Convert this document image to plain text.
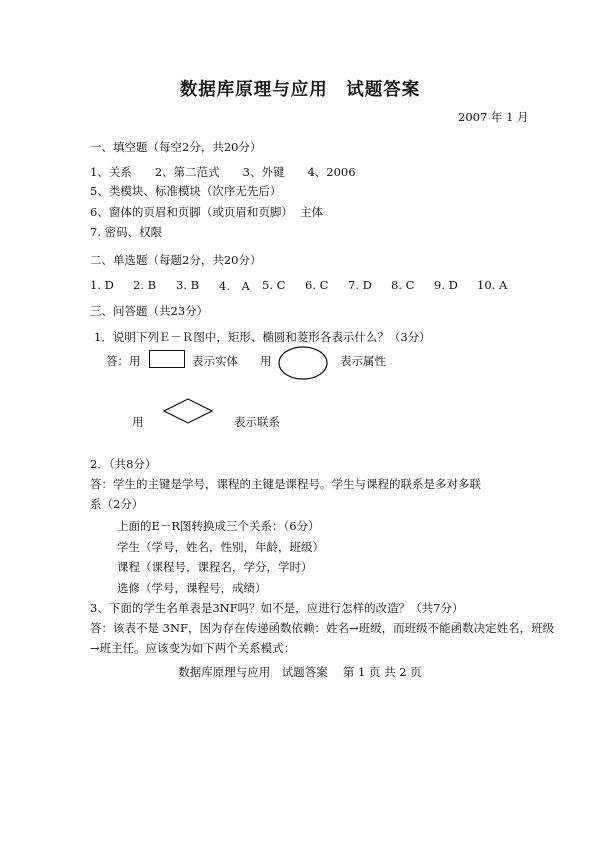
数据库原理与应用　试题答案
2007 年 1 月
一、填空题（每空2分，共20分）
1、关系　　2、第二范式　　3、外键　　4、2006
5、类模块、标准模块（次序无先后）
6、窗体的页眉和页脚（或页眉和页脚） 主体
7. 密码、权限
二、单选题（每题2分，共20分）
1. D	2. B	3. B	4.　A	5. C	6. C	7. D	8. C	9. D	10. A
三、问答题（共23分）
1．说明下列Ｅ－Ｒ图中，矩形、椭圆和菱形各表示什么？（3分）
答：用	表示实体 用	表示属性
用	表示联系
2．（共8分）
答：学生的主键是学号，课程的主键是课程号。学生与课程的联系是多对多联
系（2分）
上面的E－R图转换成三个关系：（6分）
学生（学号，姓名，性别，年龄，班级）
课程（课程号，课程名，学分，学时）
选修（学号，课程号，成绩）
3、下面的学生名单表是3NF吗？如不是，应进行怎样的改造？（共7分）
答：该表不是 3NF，因为存在传递函数依赖：姓名→班级，而班级不能函数决定姓名，班级
→班主任。应该变为如下两个关系模式：
数据库原理与应用　试题答案　 第 1 页 共 2 页
